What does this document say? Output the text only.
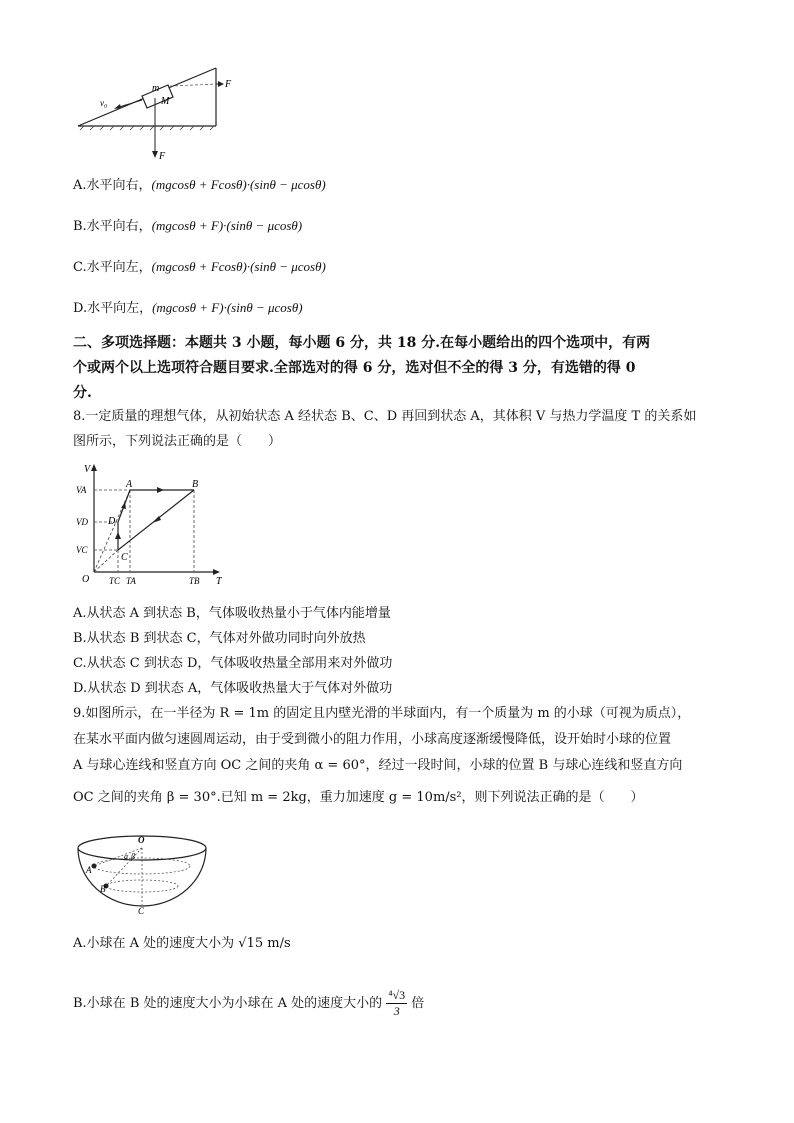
v₀
m
M
F
F
A.水平向右，(mgcosθ + Fcosθ)·(sinθ − μcosθ)
B.水平向右，(mgcosθ + F)·(sinθ − μcosθ)
C.水平向左，(mgcosθ + Fcosθ)·(sinθ − μcosθ)
D.水平向左，(mgcosθ + F)·(sinθ − μcosθ)
二、多项选择题：本题共 3 小题，每小题 6 分，共 18 分.在每小题给出的四个选项中，有两
个或两个以上选项符合题目要求.全部选对的得 6 分，选对但不全的得 3 分，有选错的得 0
分.
8.一定质量的理想气体，从初始状态 A 经状态 B、C、D 再回到状态 A，其体积 V 与热力学温度 T 的关系如
图所示，下列说法正确的是（　　）
V
T
O
VA
VD
VC
TC TA	TB
A	B
C
D
A.从状态 A 到状态 B，气体吸收热量小于气体内能增量
B.从状态 B 到状态 C，气体对外做功同时向外放热
C.从状态 C 到状态 D，气体吸收热量全部用来对外做功
D.从状态 D 到状态 A，气体吸收热量大于气体对外做功
9.如图所示，在一半径为 R = 1m 的固定且内壁光滑的半球面内，有一个质量为 m 的小球（可视为质点），
在某水平面内做匀速圆周运动，由于受到微小的阻力作用，小球高度逐渐缓慢降低，设开始时小球的位置
A 与球心连线和竖直方向 OC 之间的夹角 α = 60°，经过一段时间，小球的位置 B 与球心连线和竖直方向
OC 之间的夹角 β = 30°.已知 m = 2kg，重力加速度 g = 10m/s²，则下列说法正确的是（　　）
O
α β
A
B
C
A.小球在 A 处的速度大小为 √15 m/s
B.小球在 B 处的速度大小为小球在 A 处的速度大小的 $\frac{\text{⁴√3}}{3}$ 倍
